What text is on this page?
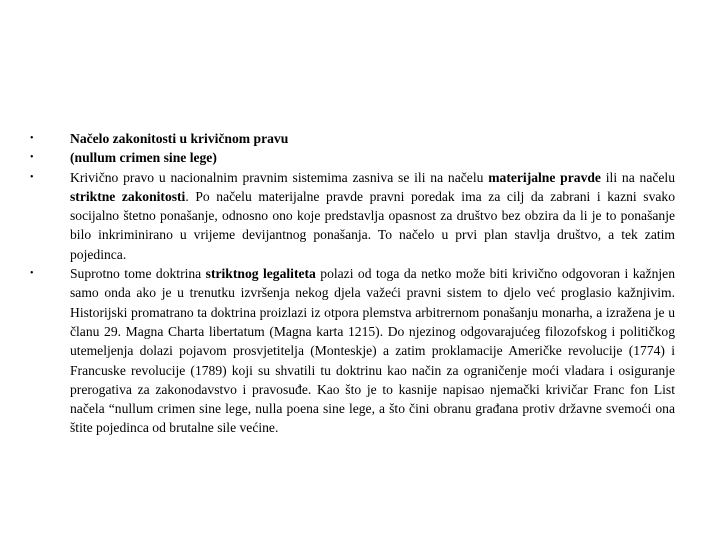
•	Načelo zakonitosti u krivičnom pravu
•	(nullum crimen sine lege)
•	Krivično pravo u nacionalnim pravnim sistemima zasniva se ili na načelu materijalne pravde ili na načelu striktne zakonitosti. Po načelu materijalne pravde pravni poredak ima za cilj da zabrani i kazni svako socijalno štetno ponašanje, odnosno ono koje predstavlja opasnost za društvo bez obzira da li je to ponašanje bilo inkriminirano u vrijeme devijantnog ponašanja. To načelo u prvi plan stavlja društvo, a tek zatim pojedinca.
•	Suprotno tome doktrina striktnog legaliteta polazi od toga da netko može biti krivično odgovoran i kažnjen samo onda ako je u trenutku izvršenja nekog djela važeći pravni sistem to djelo već proglasio kažnjivim. Historijski promatrano ta doktrina proizlazi iz otpora plemstva arbitrernom ponašanju monarha, a izražena je u članu 29. Magna Charta libertatum (Magna karta 1215). Do njezinog odgovarajućeg filozofskog i političkog utemeljenja dolazi pojavom prosvjetitelja (Monteskje) a zatim proklamacije Američke revolucije (1774) i Francuske revolucije (1789) koji su shvatili tu doktrinu kao način za ograničenje moći vladara i osiguranje prerogativa za zakonodavstvo i pravosuđe. Kao što je to kasnije napisao njemački krivičar Franc fon List načela “nullum crimen sine lege, nulla poena sine lege, a što čini obranu građana protiv državne svemoći ona štite pojedinca od brutalne sile većine.
